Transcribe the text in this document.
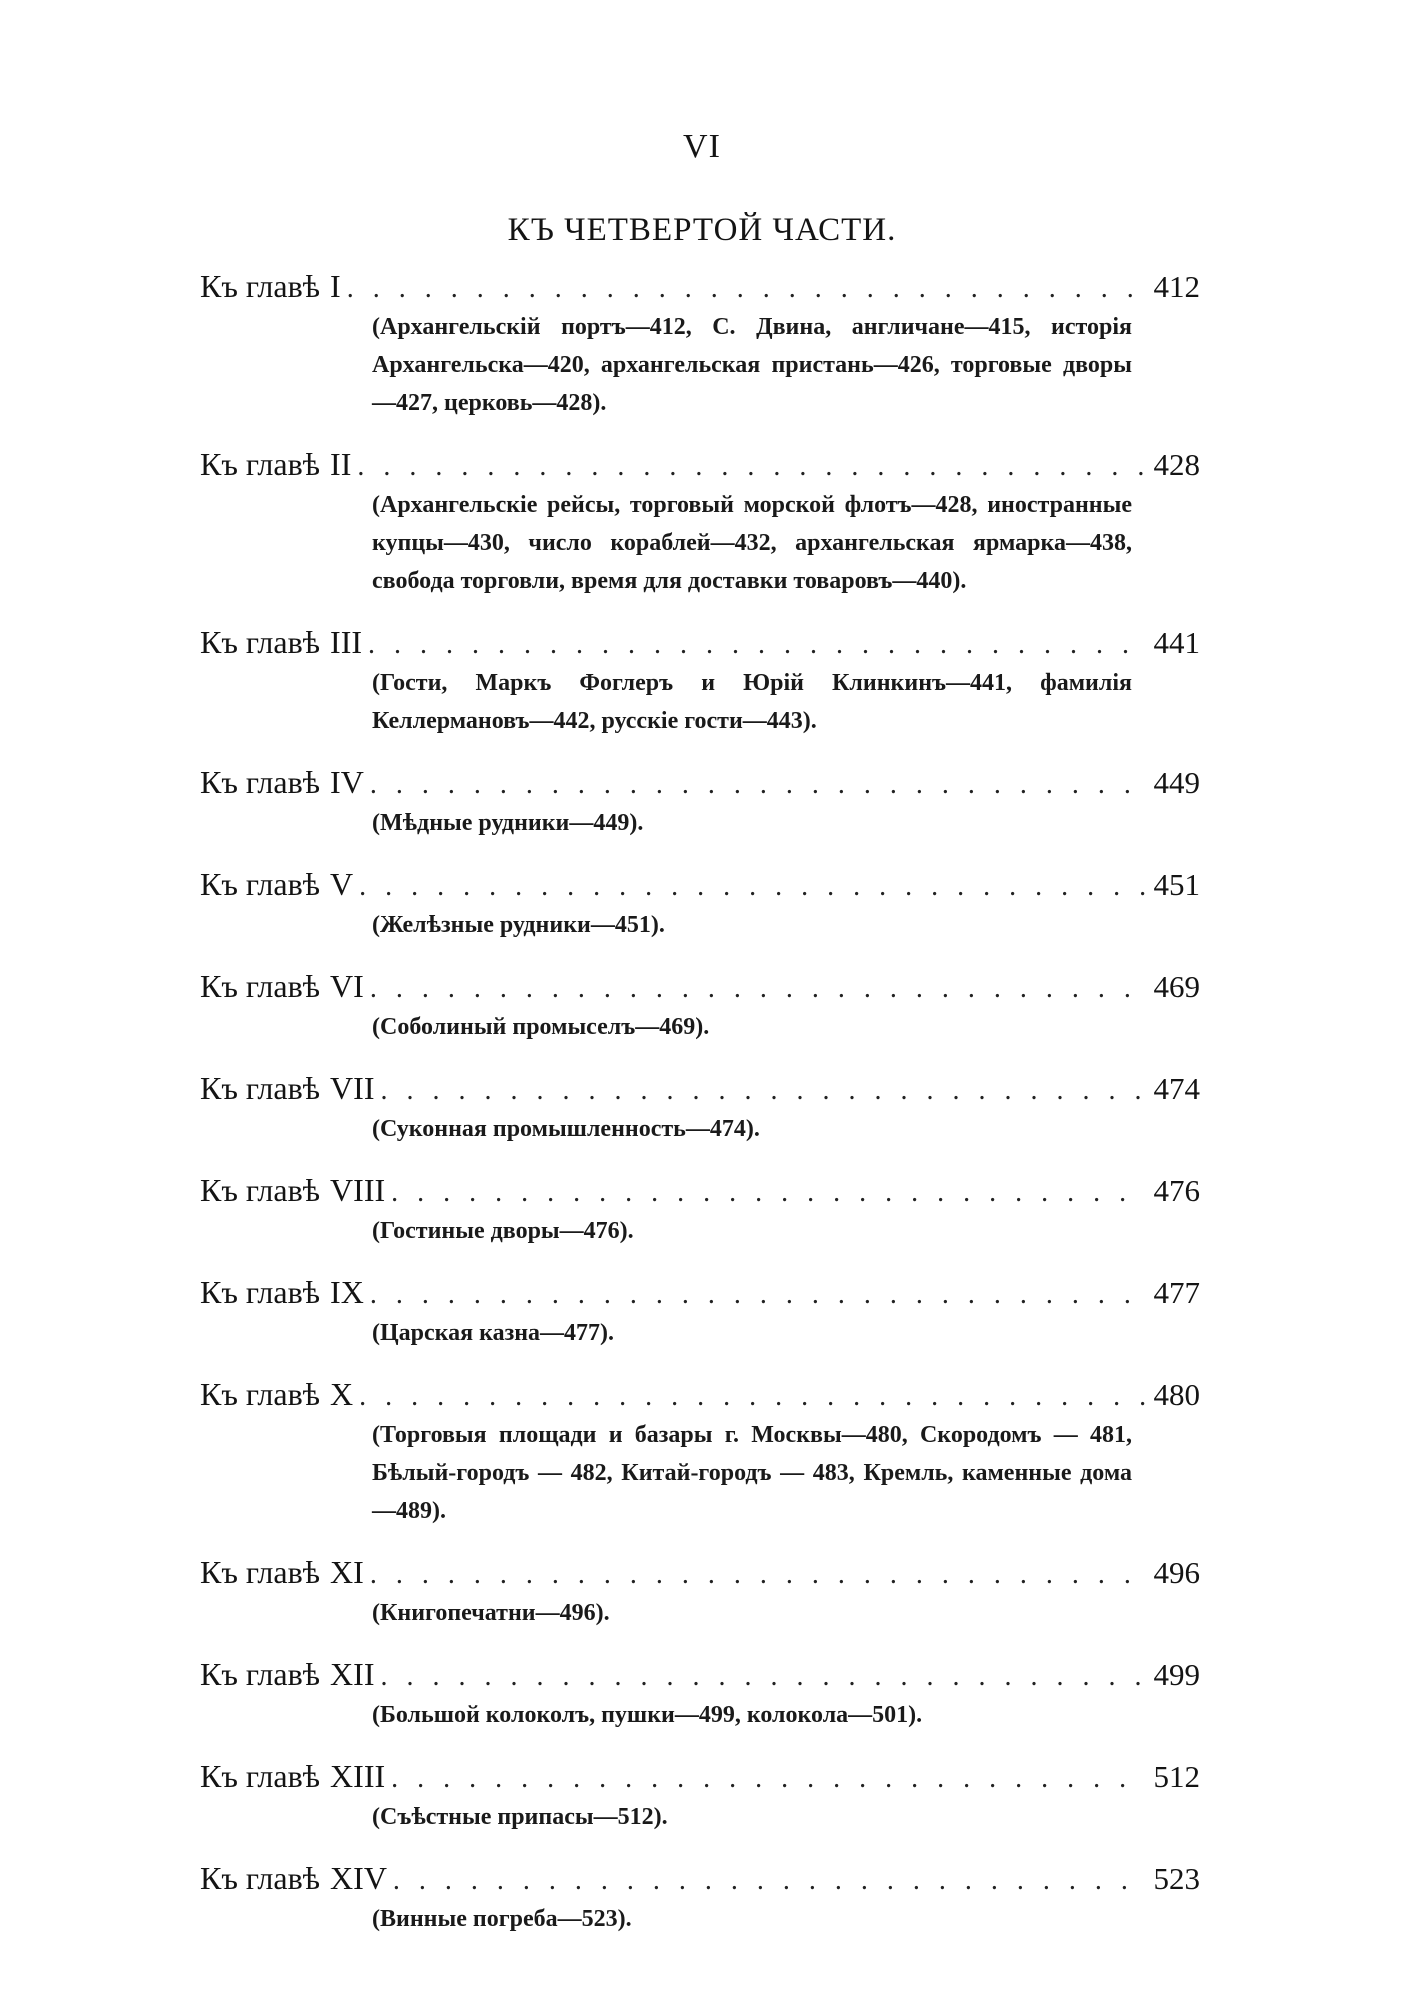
VI
КЪ ЧЕТВЕРТОЙ ЧАСТИ.
Къ главѣ I . . .	412
(Архангельскій портъ—412, С. Двина, англичане—415, исторія Архангельска—420, архангельская пристань—426, торговые дворы—427, церковь—428).
Къ главѣ II . . .	428
(Архангельскіе рейсы, торговый морской флотъ—428, иностранные купцы—430, число кораблей—432, архангельская ярмарка—438, свобода торговли, время для доставки товаровъ—440).
Къ главѣ III . . .	441
(Гости, Маркъ Фоглеръ и Юрій Клинкинъ—441, фамилія Келлермановъ—442, русскіе гости—443).
Къ главѣ IV . . .	449
(Мѣдные рудники—449).
Къ главѣ V . . .	451
(Желѣзные рудники—451).
Къ главѣ VI . . .	469
(Соболиный промыселъ—469).
Къ главѣ VII . . .	474
(Суконная промышленность—474).
Къ главѣ VIII . . .	476
(Гостиные дворы—476).
Къ главѣ IX . . .	477
(Царская казна—477).
Къ главѣ X . . .	480
(Торговыя площади и базары г. Москвы—480, Скородомъ — 481, Бѣлый-городъ — 482, Китай-городъ — 483, Кремль, каменные дома—489).
Къ главѣ XI . . .	496
(Книгопечатни—496).
Къ главѣ XII . . .	499
(Большой колоколъ, пушки—499, колокола—501).
Къ главѣ XIII . . .	512
(Съѣстные припасы—512).
Къ главѣ XIV . . .	523
(Винные погреба—523).
